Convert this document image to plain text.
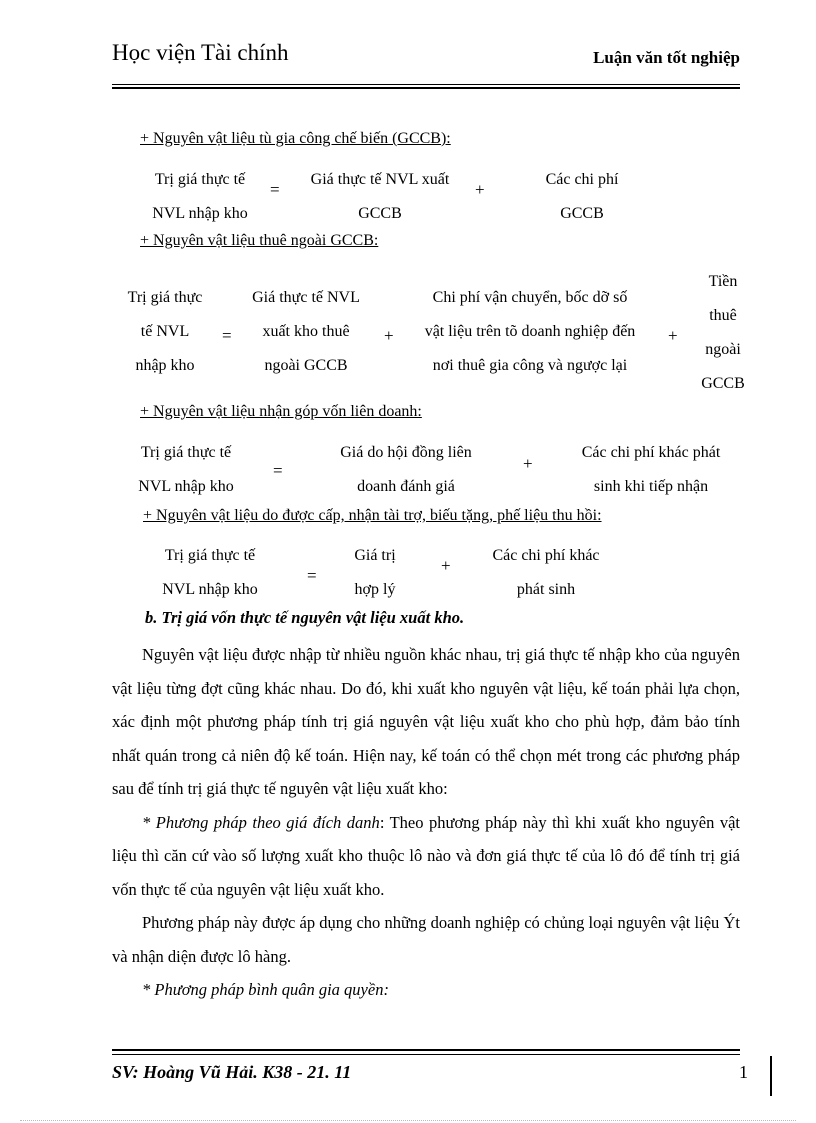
Học viện Tài chính	Luận văn tốt nghiệp
+ Nguyên vật liệu tù gia công chế biến (GCCB):
Trị giá thực tế
NVL nhập kho
=
Giá thực tế NVL xuất
GCCB
+
Các chi phí
GCCB
+ Nguyên vật liệu thuê ngoài GCCB:
Trị giá thực
tế NVL
nhập kho
=
Giá thực tế NVL
xuất kho thuê
ngoài GCCB
+
Chi phí vận chuyển, bốc dỡ số
vật liệu trên tõ doanh nghiệp đến
nơi thuê gia công và ngược lại
+
Tiền
thuê
ngoài
GCCB
+ Nguyên vật liệu nhận góp vốn liên doanh:
Trị giá thực tế
NVL nhập kho
=
Giá do hội đồng liên
doanh đánh giá
+
Các chi phí khác phát
sinh khi tiếp nhận
+ Nguyên vật liệu do được cấp, nhận tài trợ, biếu tặng, phế liệu thu hồi:
Trị giá thực tế
NVL nhập kho
=
Giá trị
hợp lý
+
Các chi phí khác
phát sinh
b. Trị giá vốn thực tế nguyên vật liệu xuất kho.

Nguyên vật liệu được nhập từ nhiều nguồn khác nhau, trị giá thực tế nhập kho của nguyên vật liệu từng đợt cũng khác nhau. Do đó, khi xuất kho nguyên vật liệu, kế toán phải lựa chọn, xác định một phương pháp tính trị giá nguyên vật liệu xuất kho cho phù hợp, đảm bảo tính nhất quán trong cả niên độ kế toán. Hiện nay, kế toán có thể chọn mét trong các phương pháp sau để tính trị giá thực tế nguyên vật liệu xuất kho:

* Phương pháp theo giá đích danh: Theo phương pháp này thì khi xuất kho nguyên vật liệu thì căn cứ vào số lượng xuất kho thuộc lô nào và đơn giá thực tế của lô đó để tính trị giá vốn thực tế của nguyên vật liệu xuất kho.

Phương pháp này được áp dụng cho những doanh nghiệp có chủng loại nguyên vật liệu Ýt và nhận diện được lô hàng.

* Phương pháp bình quân gia quyền:

SV: Hoàng Vũ Hải. K38 - 21. 11	1
